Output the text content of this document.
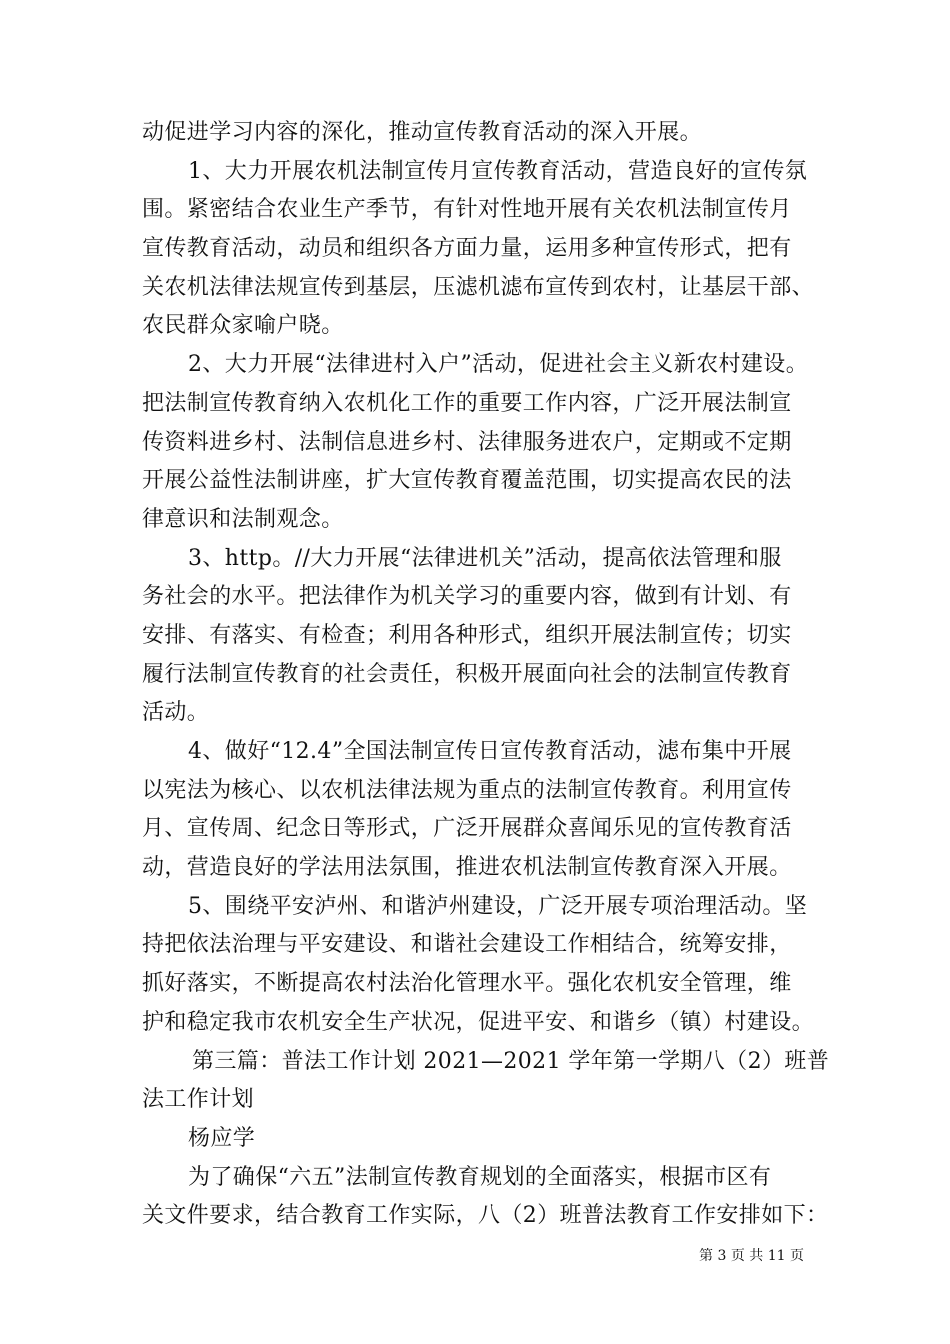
动促进学习内容的深化，推动宣传教育活动的深入开展。
1、大力开展农机法制宣传月宣传教育活动，营造良好的宣传氛
围。紧密结合农业生产季节，有针对性地开展有关农机法制宣传月
宣传教育活动，动员和组织各方面力量，运用多种宣传形式，把有
关农机法律法规宣传到基层，压滤机滤布宣传到农村，让基层干部、
农民群众家喻户晓。
2、大力开展“法律进村入户”活动，促进社会主义新农村建设。
把法制宣传教育纳入农机化工作的重要工作内容，广泛开展法制宣
传资料进乡村、法制信息进乡村、法律服务进农户，定期或不定期
开展公益性法制讲座，扩大宣传教育覆盖范围，切实提高农民的法
律意识和法制观念。
3、http。//大力开展“法律进机关”活动，提高依法管理和服
务社会的水平。把法律作为机关学习的重要内容，做到有计划、有
安排、有落实、有检查；利用各种形式，组织开展法制宣传；切实
履行法制宣传教育的社会责任，积极开展面向社会的法制宣传教育
活动。
4、做好“12.4”全国法制宣传日宣传教育活动，滤布集中开展
以宪法为核心、以农机法律法规为重点的法制宣传教育。利用宣传
月、宣传周、纪念日等形式，广泛开展群众喜闻乐见的宣传教育活
动，营造良好的学法用法氛围，推进农机法制宣传教育深入开展。
5、围绕平安泸州、和谐泸州建设，广泛开展专项治理活动。坚
持把依法治理与平安建设、和谐社会建设工作相结合，统筹安排，
抓好落实，不断提高农村法治化管理水平。强化农机安全管理，维
护和稳定我市农机安全生产状况，促进平安、和谐乡（镇）村建设。
第三篇：普法工作计划 2021—2021 学年第一学期八（2）班普
法工作计划
杨应学
为了确保“六五”法制宣传教育规划的全面落实，根据市区有
关文件要求，结合教育工作实际，八（2）班普法教育工作安排如下：
第 3 页 共 11 页
